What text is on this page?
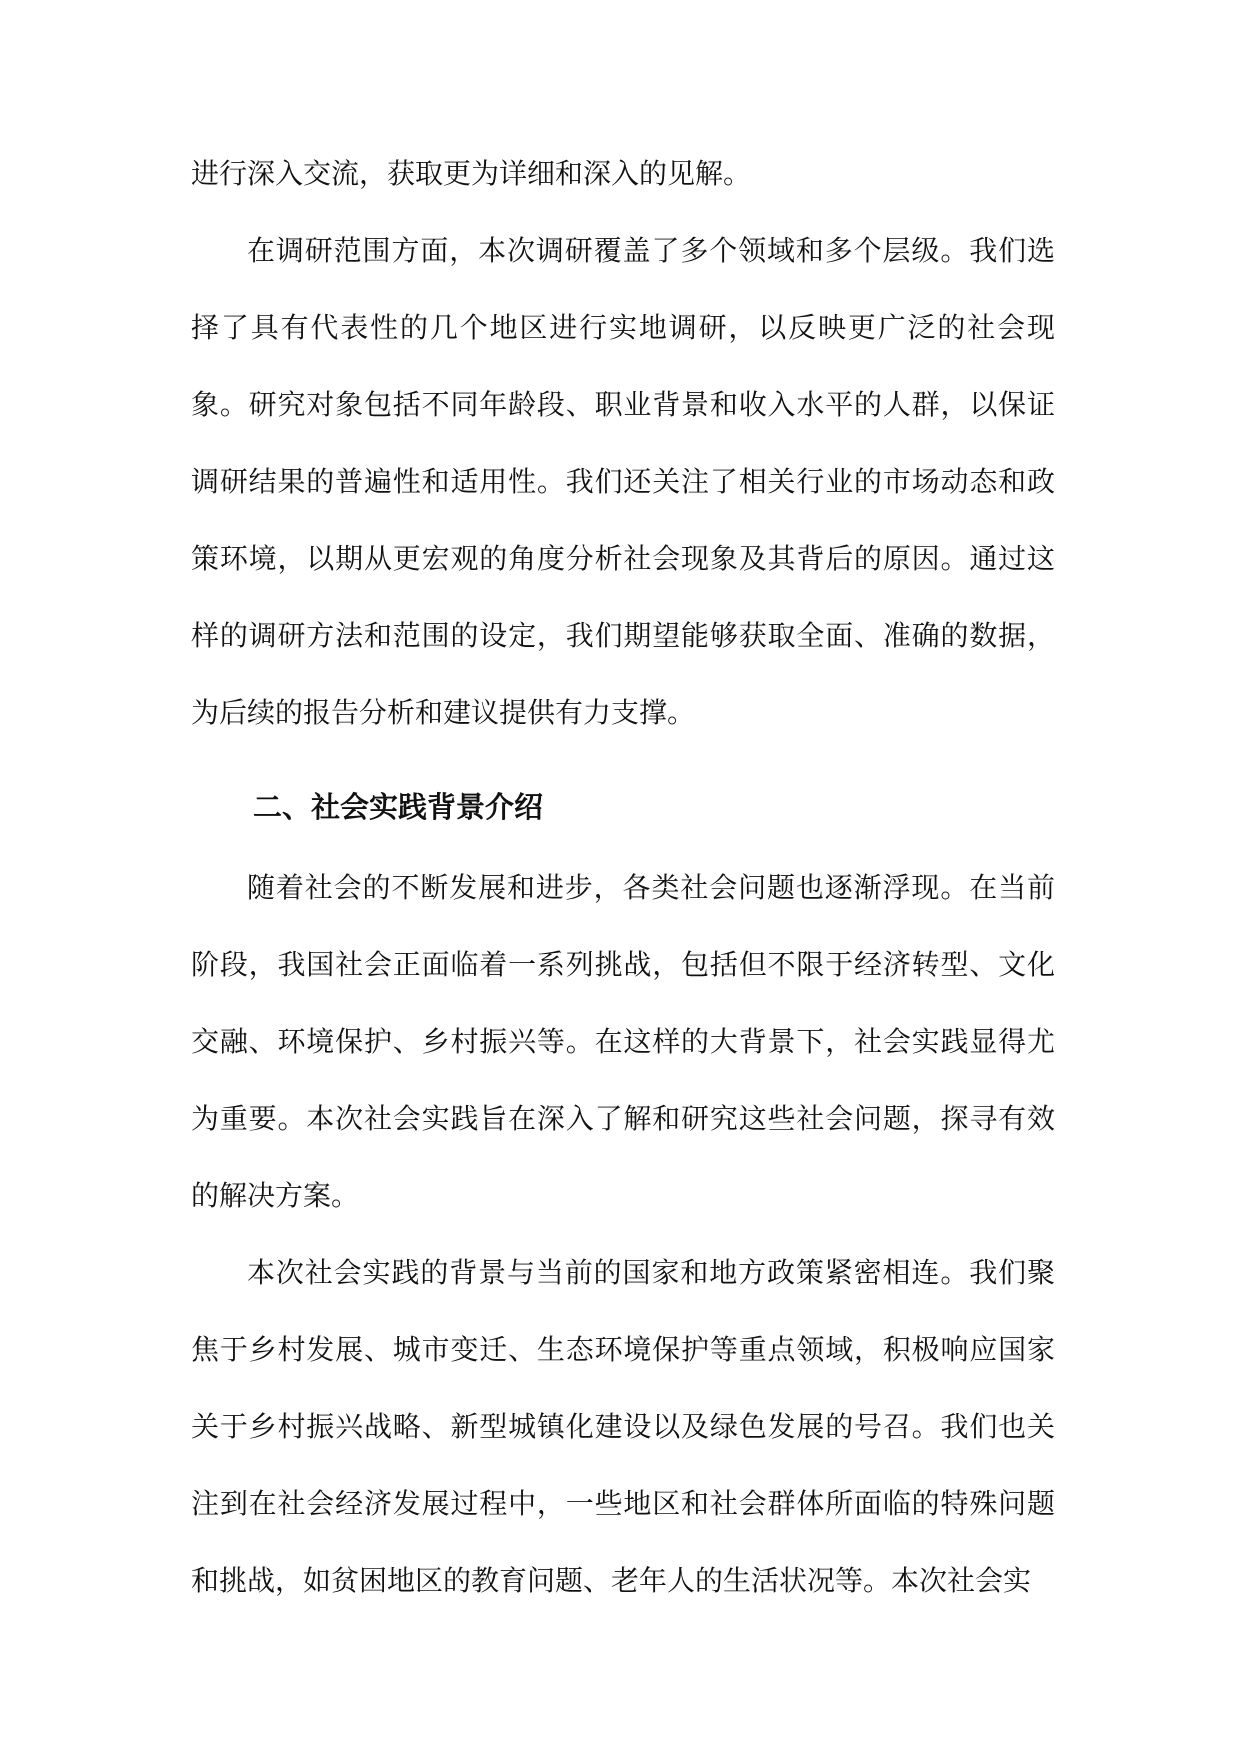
进行深入交流，获取更为详细和深入的见解。

在调研范围方面，本次调研覆盖了多个领域和多个层级。我们选择了具有代表性的几个地区进行实地调研，以反映更广泛的社会现象。研究对象包括不同年龄段、职业背景和收入水平的人群，以保证调研结果的普遍性和适用性。我们还关注了相关行业的市场动态和政策环境，以期从更宏观的角度分析社会现象及其背后的原因。通过这样的调研方法和范围的设定，我们期望能够获取全面、准确的数据，为后续的报告分析和建议提供有力支撑。

二、社会实践背景介绍

随着社会的不断发展和进步，各类社会问题也逐渐浮现。在当前阶段，我国社会正面临着一系列挑战，包括但不限于经济转型、文化交融、环境保护、乡村振兴等。在这样的大背景下，社会实践显得尤为重要。本次社会实践旨在深入了解和研究这些社会问题，探寻有效的解决方案。

本次社会实践的背景与当前的国家和地方政策紧密相连。我们聚焦于乡村发展、城市变迁、生态环境保护等重点领域，积极响应国家关于乡村振兴战略、新型城镇化建设以及绿色发展的号召。我们也关注到在社会经济发展过程中，一些地区和社会群体所面临的特殊问题和挑战，如贫困地区的教育问题、老年人的生活状况等。本次社会实
